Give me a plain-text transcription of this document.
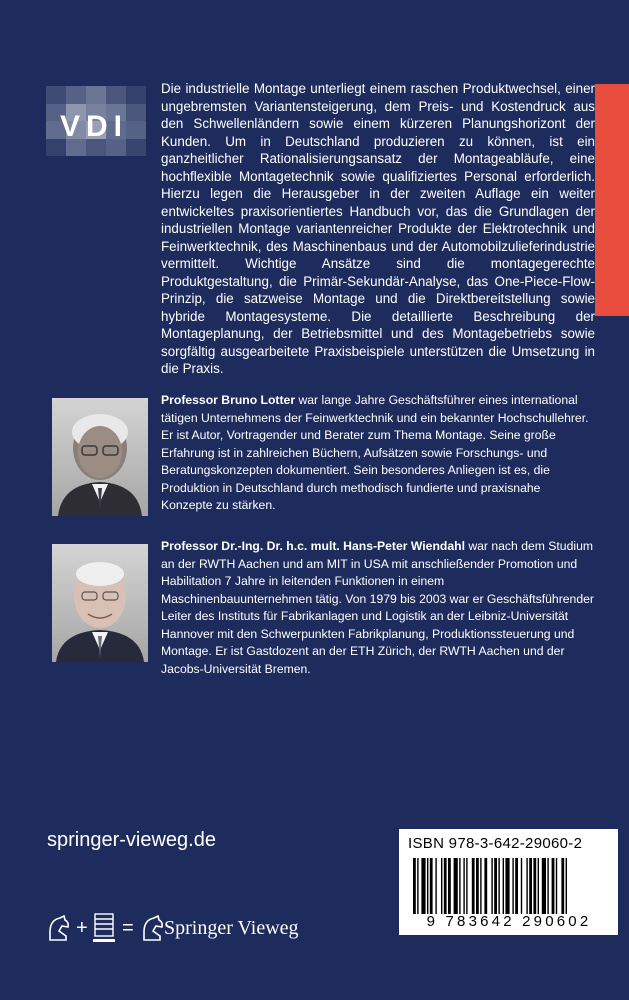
VDI

Die industrielle Montage unterliegt einem raschen Produktwechsel, einer ungebremsten Variantensteigerung, dem Preis- und Kostendruck aus den Schwellenländern sowie einem kürzeren Planungshorizont der Kunden. Um in Deutschland produzieren zu können, ist ein ganzheitlicher Rationalisierungsansatz der Montageabläufe, eine hochflexible Montagetechnik sowie qualifiziertes Personal erforderlich. Hierzu legen die Herausgeber in der zweiten Auflage ein weiter entwickeltes praxisorientiertes Handbuch vor, das die Grundlagen der industriellen Montage variantenreicher Produkte der Elektrotechnik und Feinwerktechnik, des Maschinenbaus und der Automobilzulieferindustrie vermittelt. Wichtige Ansätze sind die montagegerechte Produktgestaltung, die Primär-Sekundär-Analyse, das One-Piece-Flow-Prinzip, die satzweise Montage und die Direktbereitstellung sowie hybride Montagesysteme. Die detaillierte Beschreibung der Montageplanung, der Betriebsmittel und des Montagebetriebs sowie sorgfältig ausgearbeitete Praxisbeispiele unterstützen die Umsetzung in die Praxis.

Professor Bruno Lotter war lange Jahre Geschäftsführer eines international tätigen Unternehmens der Feinwerktechnik und ein bekannter Hochschullehrer. Er ist Autor, Vortragender und Berater zum Thema Montage. Seine große Erfahrung ist in zahlreichen Büchern, Aufsätzen sowie Forschungs- und Beratungskonzepten dokumentiert. Sein besonderes Anliegen ist es, die Produktion in Deutschland durch methodisch fundierte und praxisnahe Konzepte zu stärken.

Professor Dr.-Ing. Dr. h.c. mult. Hans-Peter Wiendahl war nach dem Studium an der RWTH Aachen und am MIT in USA mit anschließender Promotion und Habilitation 7 Jahre in leitenden Funktionen in einem Maschinenbauunternehmen tätig. Von 1979 bis 2003 war er Geschäftsführender Leiter des Instituts für Fabrikanlagen und Logistik an der Leibniz-Universität Hannover mit den Schwerpunkten Fabrikplanung, Produktionssteuerung und Montage. Er ist Gastdozent an der ETH Zürich, der RWTH Aachen und der Jacobs-Universität Bremen.

springer-vieweg.de	ISBN 978-3-642-29060-2
9 783642 290602
+ = Springer Vieweg
